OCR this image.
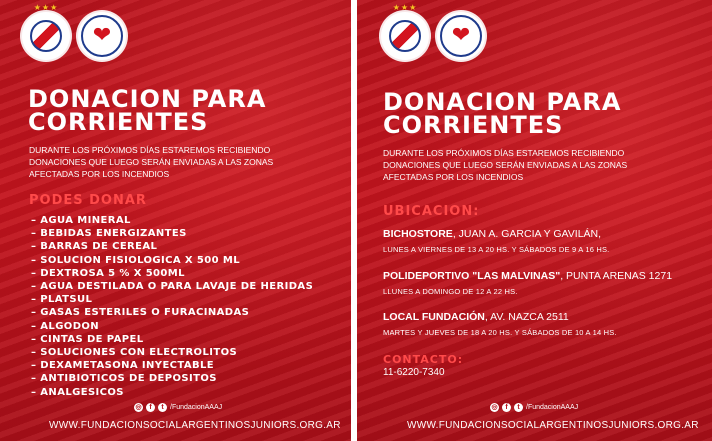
★★★
❤
DONACION PARA
CORRIENTES
DURANTE LOS PRÓXIMOS DÍAS ESTAREMOS RECIBIENDO
DONACIONES QUE LUEGO SERÁN ENVIADAS A LAS ZONAS
AFECTADAS POR LOS INCENDIOS
PODES DONAR
– AGUA MINERAL
– BEBIDAS ENERGIZANTES
– BARRAS DE CEREAL
– SOLUCION FISIOLOGICA X 500 ML
– DEXTROSA 5 % X 500ML
– AGUA DESTILADA O PARA LAVAJE DE HERIDAS
– PLATSUL
– GASAS ESTERILES O FURACINADAS
– ALGODON
– CINTAS DE PAPEL
– SOLUCIONES CON ELECTROLITOS
– DEXAMETASONA INYECTABLE
– ANTIBIOTICOS DE DEPOSITOS
– ANALGESICOS
◎	f	t /FundacionAAAJ
WWW.FUNDACIONSOCIALARGENTINOSJUNIORS.ORG.AR
★★★
❤
DONACION PARA
CORRIENTES
DURANTE LOS PRÓXIMOS DÍAS ESTAREMOS RECIBIENDO
DONACIONES QUE LUEGO SERÁN ENVIADAS A LAS ZONAS
AFECTADAS POR LOS INCENDIOS
UBICACION:
BICHOSTORE, JUAN A. GARCIA Y GAVILÁN,
LUNES A VIERNES DE 13 A 20 HS. Y SÁBADOS DE 9 A 16 HS.
POLIDEPORTIVO "LAS MALVINAS", PUNTA ARENAS 1271
LLUNES A DOMINGO DE 12 A 22 HS.
LOCAL FUNDACIÓN, AV. NAZCA 2511
MARTES Y JUEVES DE 18 A 20 HS. Y SÁBADOS DE 10 A 14 HS.
CONTACTO:
11-6220-7340
◎	f	t /FundacionAAAJ
WWW.FUNDACIONSOCIALARGENTINOSJUNIORS.ORG.AR
